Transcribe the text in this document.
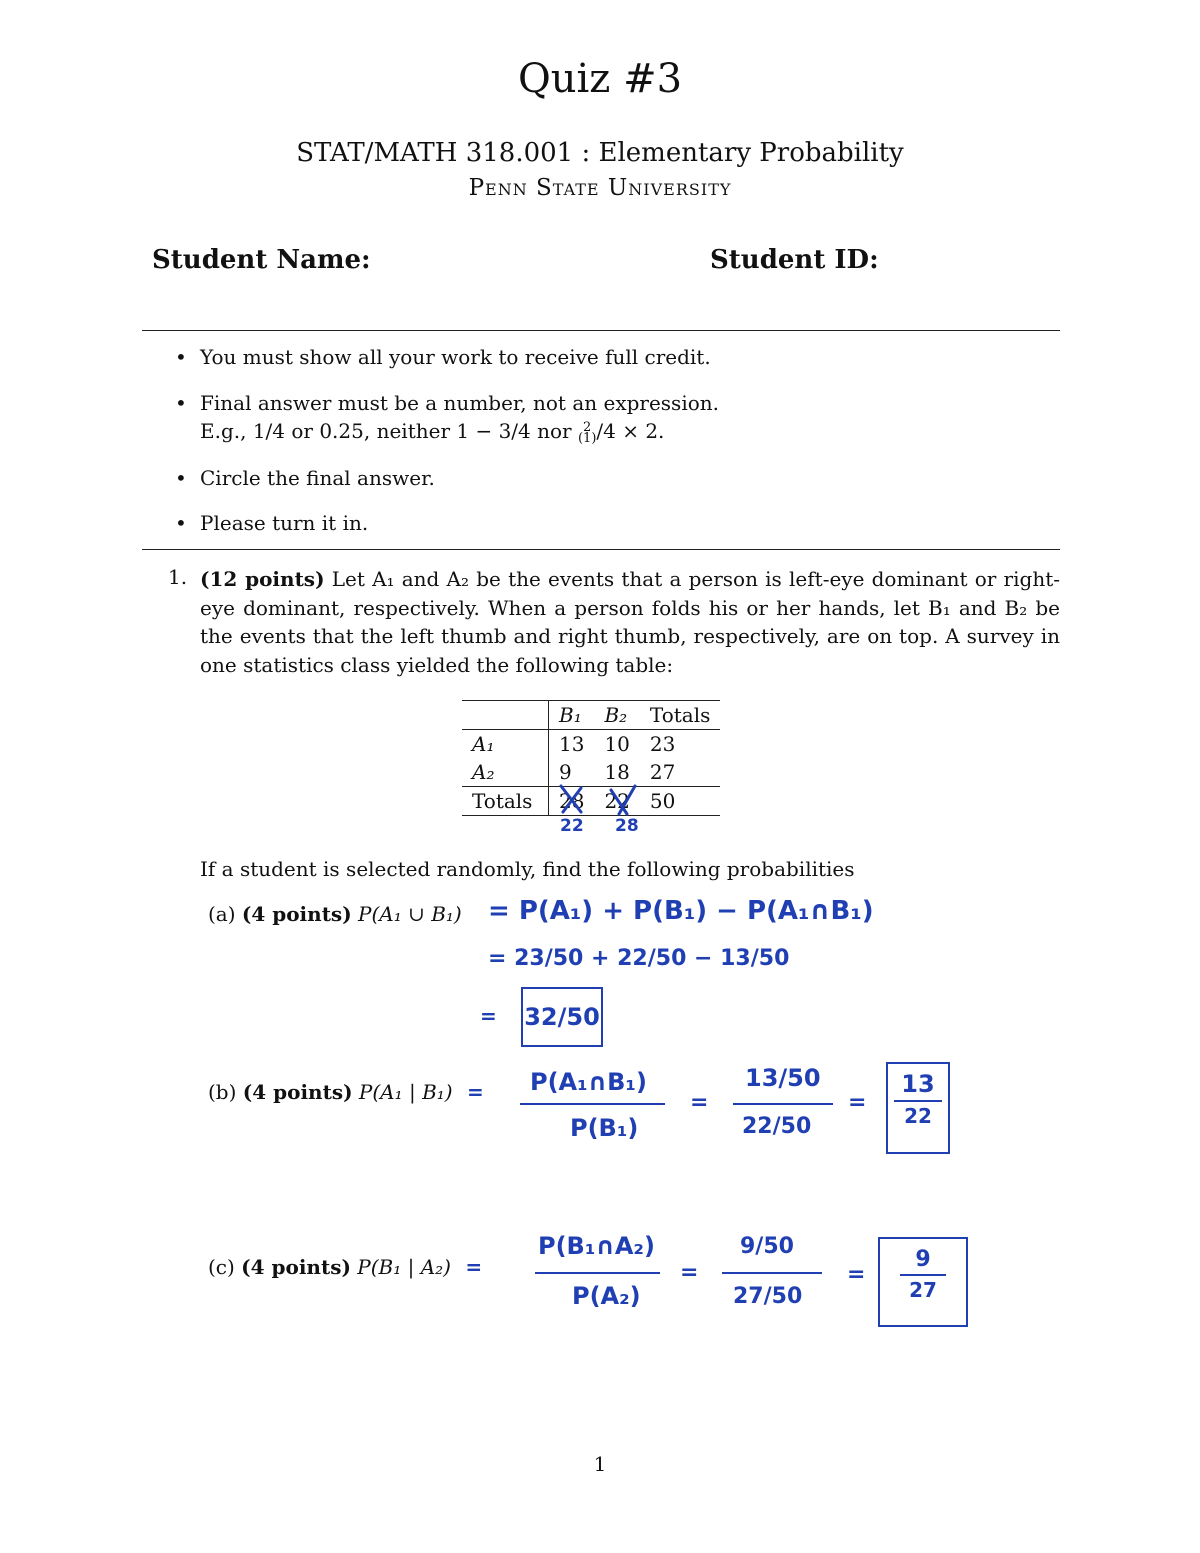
Quiz #3
STAT/MATH 318.001 : Elementary Probability
Penn State University
Student Name:	Student ID:
• You must show all your work to receive full credit.
• Final answer must be a number, not an expression.
E.g., 1/4 or 0.25, neither 1 − 3/4 nor (2
1)/4 × 2.
• Circle the final answer.
• Please turn it in.
1. (12 points) Let A₁ and A₂ be the events that a person is left-eye dominant or right-eye dominant, respectively. When a person folds his or her hands, let B₁ and B₂ be the events that the left thumb and right thumb, respectively, are on top. A survey in one statistics class yielded the following table:
	B₁	B₂	Totals
A₁	13	10	23
A₂	9	18	27
Totals	28	22	50
22 28
If a student is selected randomly, find the following probabilities
(a) (4 points) P(A₁ ∪ B₁) = P(A₁) + P(B₁) − P(A₁∩B₁)
= 23/50 + 22/50 − 13/50
= 32/50
(b) (4 points) P(A₁ | B₁) = P(A₁∩B₁)
P(B₁)
=
13/50
22/50
=
13
22
(c) (4 points) P(B₁ | A₂) =
P(B₁∩A₂)
P(A₂)
=
9/50
27/50
=
9
27
1
